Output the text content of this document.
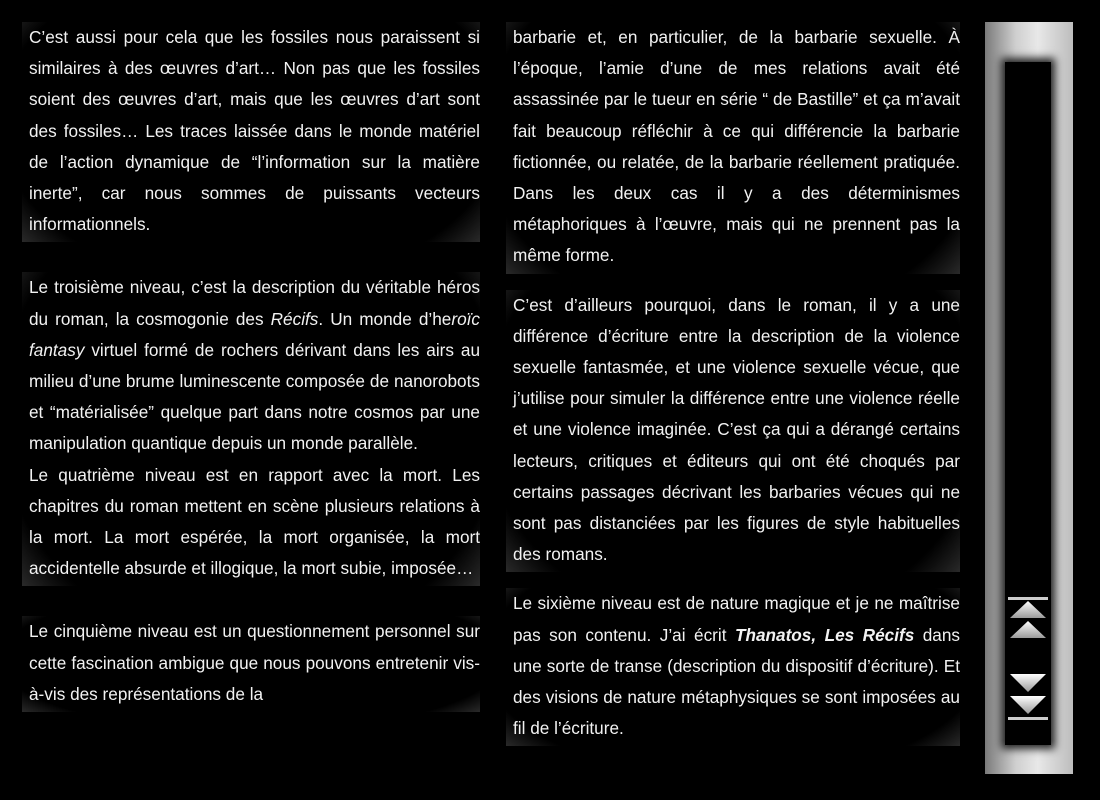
C’est aussi pour cela que les fossiles nous paraissent si similaires à des œuvres d’art… Non pas que les fossiles soient des œuvres d’art, mais que les œuvres d’art sont des fossiles… Les traces laissée dans le monde matériel de l’action dynamique de “l’information sur la matière inerte”, car nous sommes de puissants vecteurs informationnels.

Le troisième niveau, c’est la description du véritable héros du roman, la cosmogonie des Récifs. Un monde d’heroïc fantasy virtuel formé de rochers dérivant dans les airs au milieu d’une brume luminescente composée de nanorobots et “matérialisée” quelque part dans notre cosmos par une manipulation quantique depuis un monde parallèle.

Le quatrième niveau est en rapport avec la mort. Les chapitres du roman mettent en scène plusieurs relations à la mort. La mort espérée, la mort organisée, la mort accidentelle absurde et illogique, la mort subie, imposée…

Le cinquième niveau est un questionnement personnel sur cette fascination ambigue que nous pouvons entretenir vis-à-vis des représentations de la

barbarie et, en particulier, de la barbarie sexuelle. À l’époque, l’amie d’une de mes relations avait été assassinée par le tueur en série “ de Bastille” et ça m’avait fait beaucoup réfléchir à ce qui différencie la barbarie fictionnée, ou relatée, de la barbarie réellement pratiquée. Dans les deux cas il y a des déterminismes métaphoriques à l’œuvre, mais qui ne prennent pas la même forme.

C’est d’ailleurs pourquoi, dans le roman, il y a une différence d’écriture entre la description de la violence sexuelle fantasmée, et une violence sexuelle vécue, que j’utilise pour simuler la différence entre une violence réelle et une violence imaginée. C’est ça qui a dérangé certains lecteurs, critiques et éditeurs qui ont été choqués par certains passages décrivant les barbaries vécues qui ne sont pas distanciées par les figures de style habituelles des romans.

Le sixième niveau est de nature magique et je ne maîtrise pas son contenu. J’ai écrit Thanatos, Les Récifs dans une sorte de transe (description du dispositif d’écriture). Et des visions de nature métaphysiques se sont imposées au fil de l’écriture.
